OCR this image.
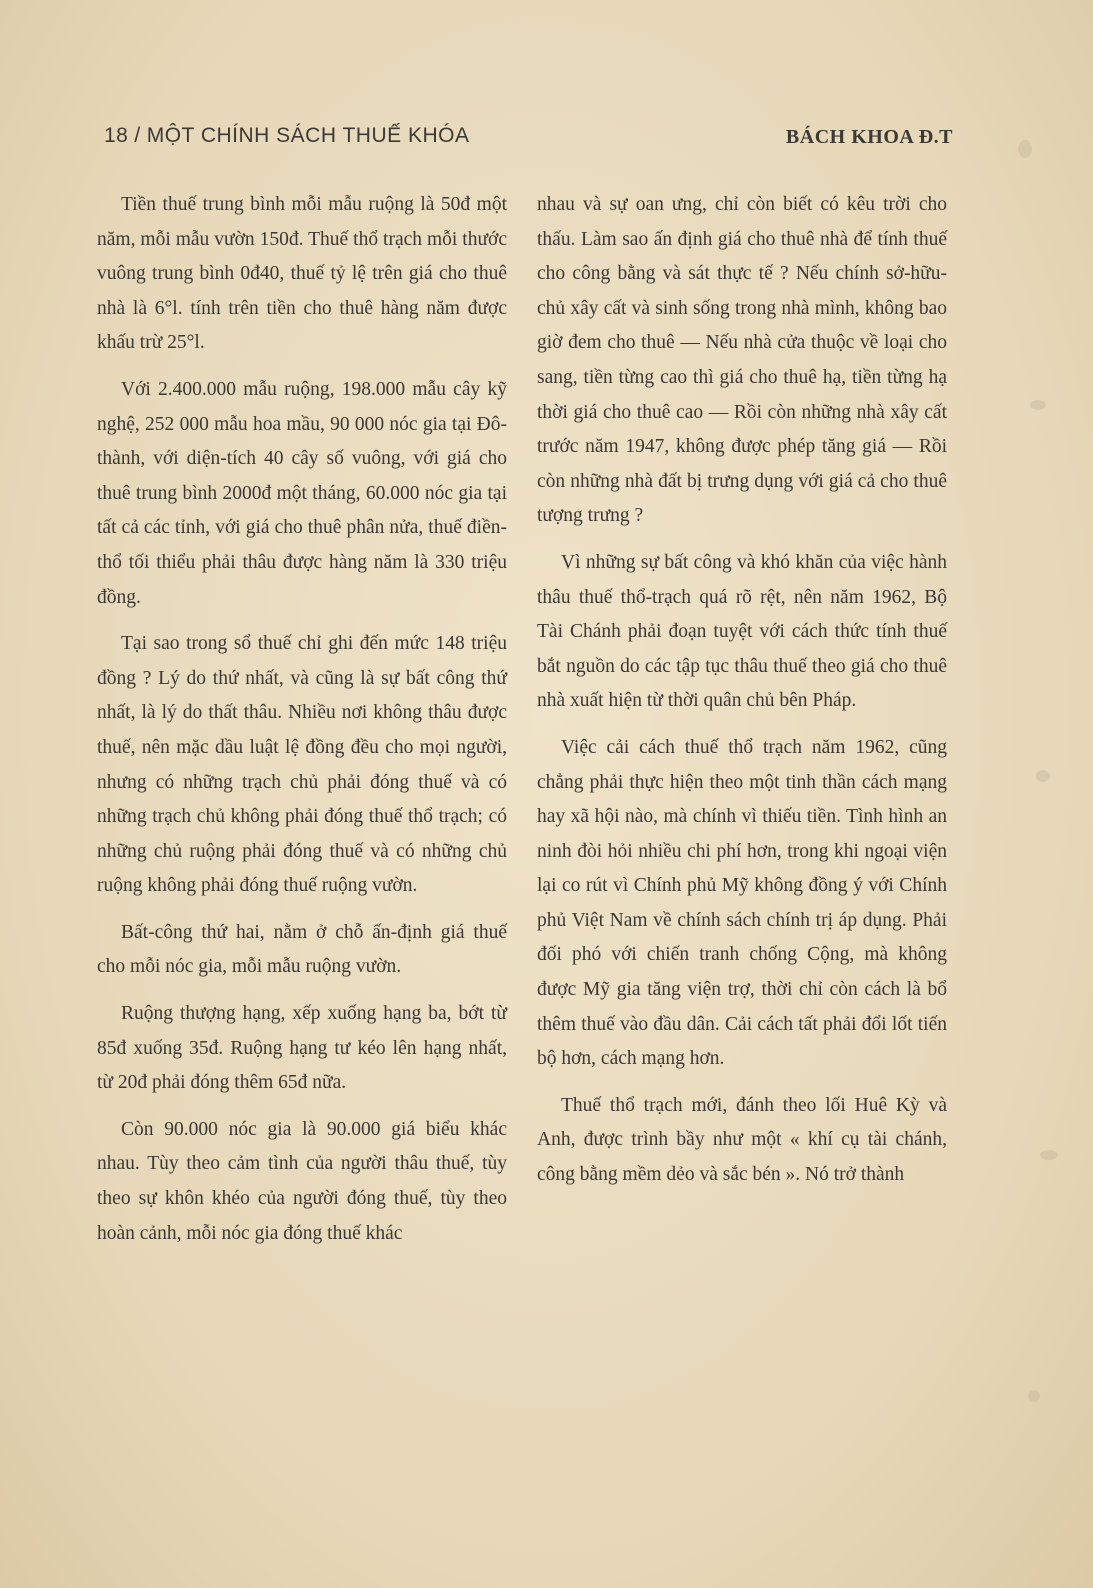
18 / MỘT CHÍNH SÁCH THUẾ KHÓA	BÁCH KHOA Đ.T

Tiền thuế trung bình mỗi mẫu ruộng là 50đ một năm, mỗi mẫu vườn 150đ. Thuế thổ trạch mỗi thước vuông trung bình 0đ40, thuế tỷ lệ trên giá cho thuê nhà là 6°l. tính trên tiền cho thuê hàng năm được khấu trừ 25°l.

Với 2.400.000 mẫu ruộng, 198.000 mẫu cây kỹ nghệ, 252 000 mẫu hoa mầu, 90 000 nóc gia tại Đô-thành, với diện-tích 40 cây số vuông, với giá cho thuê trung bình 2000đ một tháng, 60.000 nóc gia tại tất cả các tỉnh, với giá cho thuê phân nửa, thuế điền-thổ tối thiểu phải thâu được hàng năm là 330 triệu đồng.

Tại sao trong sổ thuế chỉ ghi đến mức 148 triệu đồng ? Lý do thứ nhất, và cũng là sự bất công thứ nhất, là lý do thất thâu. Nhiều nơi không thâu được thuế, nên mặc dầu luật lệ đồng đều cho mọi người, nhưng có những trạch chủ phải đóng thuế và có những trạch chủ không phải đóng thuế thổ trạch; có những chủ ruộng phải đóng thuế và có những chủ ruộng không phải đóng thuế ruộng vườn.

Bất-công thứ hai, nằm ở chỗ ấn-định giá thuế cho mỗi nóc gia, mỗi mẫu ruộng vườn.

Ruộng thượng hạng, xếp xuống hạng ba, bớt từ 85đ xuống 35đ. Ruộng hạng tư kéo lên hạng nhất, từ 20đ phải đóng thêm 65đ nữa.

Còn 90.000 nóc gia là 90.000 giá biểu khác nhau. Tùy theo cảm tình của người thâu thuế, tùy theo sự khôn khéo của người đóng thuế, tùy theo hoàn cảnh, mỗi nóc gia đóng thuế khác

nhau và sự oan ưng, chỉ còn biết có kêu trời cho thấu. Làm sao ấn định giá cho thuê nhà để tính thuế cho công bằng và sát thực tế ? Nếu chính sở-hữu-chủ xây cất và sinh sống trong nhà mình, không bao giờ đem cho thuê — Nếu nhà cửa thuộc về loại cho sang, tiền từng cao thì giá cho thuê hạ, tiền từng hạ thời giá cho thuê cao — Rồi còn những nhà xây cất trước năm 1947, không được phép tăng giá — Rồi còn những nhà đất bị trưng dụng với giá cả cho thuê tượng trưng ?

Vì những sự bất công và khó khăn của việc hành thâu thuế thổ-trạch quá rõ rệt, nên năm 1962, Bộ Tài Chánh phải đoạn tuyệt với cách thức tính thuế bắt nguồn do các tập tục thâu thuế theo giá cho thuê nhà xuất hiện từ thời quân chủ bên Pháp.

Việc cải cách thuế thổ trạch năm 1962, cũng chẳng phải thực hiện theo một tinh thần cách mạng hay xã hội nào, mà chính vì thiếu tiền. Tình hình an ninh đòi hỏi nhiều chi phí hơn, trong khi ngoại viện lại co rút vì Chính phủ Mỹ không đồng ý với Chính phủ Việt Nam về chính sách chính trị áp dụng. Phải đối phó với chiến tranh chống Cộng, mà không được Mỹ gia tăng viện trợ, thời chỉ còn cách là bổ thêm thuế vào đầu dân. Cải cách tất phải đổi lốt tiến bộ hơn, cách mạng hơn.

Thuế thổ trạch mới, đánh theo lối Huê Kỳ và Anh, được trình bầy như một « khí cụ tài chánh, công bằng mềm dẻo và sắc bén ». Nó trở thành
